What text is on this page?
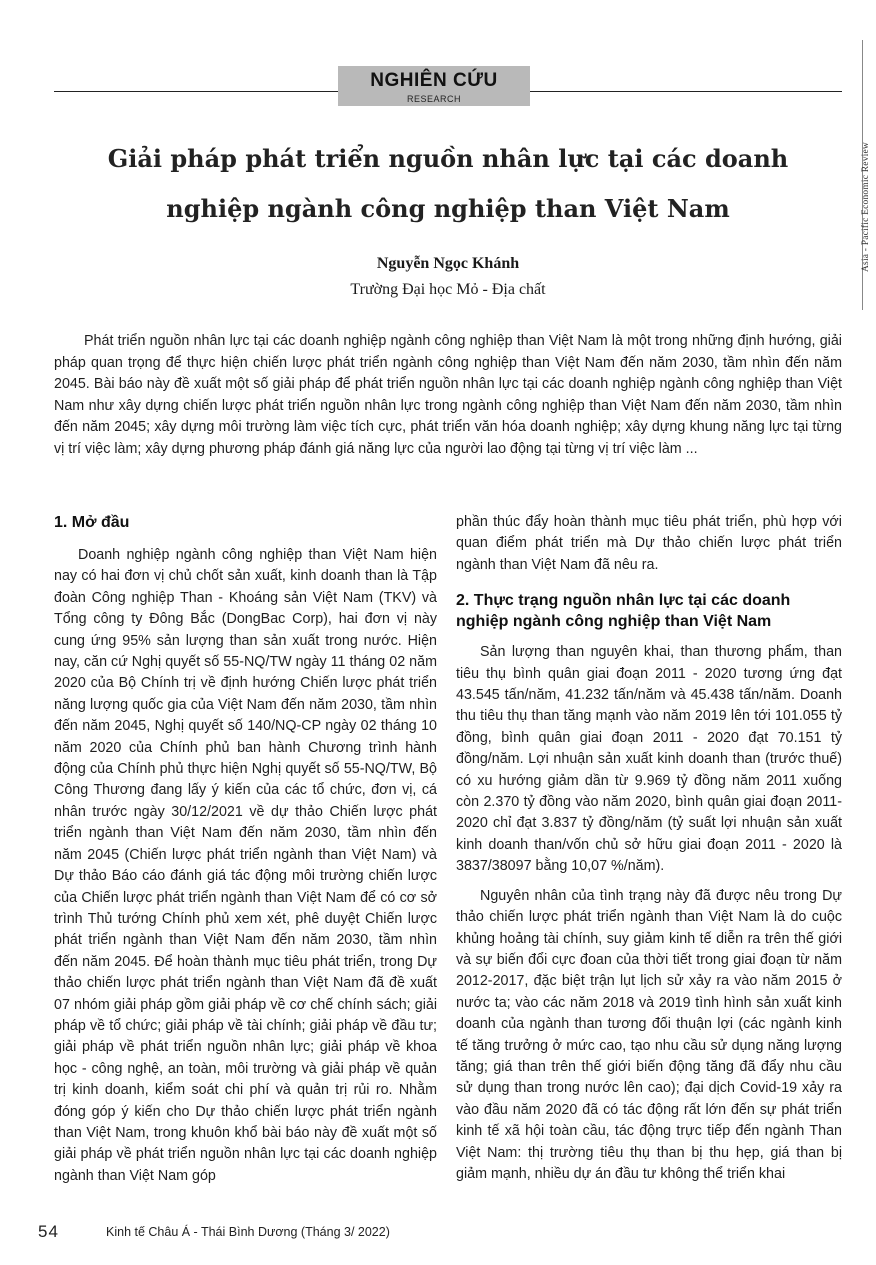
NGHIÊN CỨU
RESEARCH
Asia - Pacific Economic Review
Giải pháp phát triển nguồn nhân lực tại các doanh nghiệp ngành công nghiệp than Việt Nam
Nguyễn Ngọc Khánh
Trường Đại học Mỏ - Địa chất

Phát triển nguồn nhân lực tại các doanh nghiệp ngành công nghiệp than Việt Nam là một trong những định hướng, giải pháp quan trọng để thực hiện chiến lược phát triển ngành công nghiệp than Việt Nam đến năm 2030, tầm nhìn đến năm 2045. Bài báo này đề xuất một số giải pháp để phát triển nguồn nhân lực tại các doanh nghiệp ngành công nghiệp than Việt Nam như xây dựng chiến lược phát triển nguồn nhân lực trong ngành công nghiệp than Việt Nam đến năm 2030, tầm nhìn đến năm 2045; xây dựng môi trường làm việc tích cực, phát triển văn hóa doanh nghiệp; xây dựng khung năng lực tại từng vị trí việc làm; xây dựng phương pháp đánh giá năng lực của người lao động tại từng vị trí việc làm ...

1. Mở đầu

Doanh nghiệp ngành công nghiệp than Việt Nam hiện nay có hai đơn vị chủ chốt sản xuất, kinh doanh than là Tập đoàn Công nghiệp Than - Khoáng sản Việt Nam (TKV) và Tổng công ty Đông Bắc (DongBac Corp), hai đơn vị này cung ứng 95% sản lượng than sản xuất trong nước. Hiện nay, căn cứ Nghị quyết số 55-NQ/TW ngày 11 tháng 02 năm 2020 của Bộ Chính trị về định hướng Chiến lược phát triển năng lượng quốc gia của Việt Nam đến năm 2030, tầm nhìn đến năm 2045, Nghị quyết số 140/NQ-CP ngày 02 tháng 10 năm 2020 của Chính phủ ban hành Chương trình hành động của Chính phủ thực hiện Nghị quyết số 55-NQ/TW, Bộ Công Thương đang lấy ý kiến của các tổ chức, đơn vị, cá nhân trước ngày 30/12/2021 về dự thảo Chiến lược phát triển ngành than Việt Nam đến năm 2030, tầm nhìn đến năm 2045 (Chiến lược phát triển ngành than Việt Nam) và Dự thảo Báo cáo đánh giá tác động môi trường chiến lược của Chiến lược phát triển ngành than Việt Nam để có cơ sở trình Thủ tướng Chính phủ xem xét, phê duyệt Chiến lược phát triển ngành than Việt Nam đến năm 2030, tầm nhìn đến năm 2045. Để hoàn thành mục tiêu phát triển, trong Dự thảo chiến lược phát triển ngành than Việt Nam đã đề xuất 07 nhóm giải pháp gồm giải pháp về cơ chế chính sách; giải pháp về tổ chức; giải pháp về tài chính; giải pháp về đầu tư; giải pháp về phát triển nguồn nhân lực; giải pháp về khoa học - công nghệ, an toàn, môi trường và giải pháp về quản trị kinh doanh, kiểm soát chi phí và quản trị rủi ro. Nhằm đóng góp ý kiến cho Dự thảo chiến lược phát triển ngành than Việt Nam, trong khuôn khổ bài báo này đề xuất một số giải pháp về phát triển nguồn nhân lực tại các doanh nghiệp ngành than Việt Nam góp

phần thúc đẩy hoàn thành mục tiêu phát triển, phù hợp với quan điểm phát triển mà Dự thảo chiến lược phát triển ngành than Việt Nam đã nêu ra.

2. Thực trạng nguồn nhân lực tại các doanh nghiệp ngành công nghiệp than Việt Nam

Sản lượng than nguyên khai, than thương phẩm, than tiêu thụ bình quân giai đoạn 2011 - 2020 tương ứng đạt 43.545 tấn/năm, 41.232 tấn/năm và 45.438 tấn/năm. Doanh thu tiêu thụ than tăng mạnh vào năm 2019 lên tới 101.055 tỷ đồng, bình quân giai đoạn 2011 - 2020 đạt 70.151 tỷ đồng/năm. Lợi nhuận sản xuất kinh doanh than (trước thuế) có xu hướng giảm dần từ 9.969 tỷ đồng năm 2011 xuống còn 2.370 tỷ đồng vào năm 2020, bình quân giai đoạn 2011-2020 chỉ đạt 3.837 tỷ đồng/năm (tỷ suất lợi nhuận sản xuất kinh doanh than/vốn chủ sở hữu giai đoạn 2011 - 2020 là 3837/38097 bằng 10,07 %/năm).

Nguyên nhân của tình trạng này đã được nêu trong Dự thảo chiến lược phát triển ngành than Việt Nam là do cuộc khủng hoảng tài chính, suy giảm kinh tế diễn ra trên thế giới và sự biến đổi cực đoan của thời tiết trong giai đoạn từ năm 2012-2017, đặc biệt trận lụt lịch sử xảy ra vào năm 2015 ở nước ta; vào các năm 2018 và 2019 tình hình sản xuất kinh doanh của ngành than tương đối thuận lợi (các ngành kinh tế tăng trưởng ở mức cao, tạo nhu cầu sử dụng năng lượng tăng; giá than trên thế giới biến động tăng đã đẩy nhu cầu sử dụng than trong nước lên cao); đại dịch Covid-19 xảy ra vào đầu năm 2020 đã có tác động rất lớn đến sự phát triển kinh tế xã hội toàn cầu, tác động trực tiếp đến ngành Than Việt Nam: thị trường tiêu thụ than bị thu hẹp, giá than bị giảm mạnh, nhiều dự án đầu tư không thể triển khai

54	Kinh tế Châu Á - Thái Bình Dương (Tháng 3/ 2022)
